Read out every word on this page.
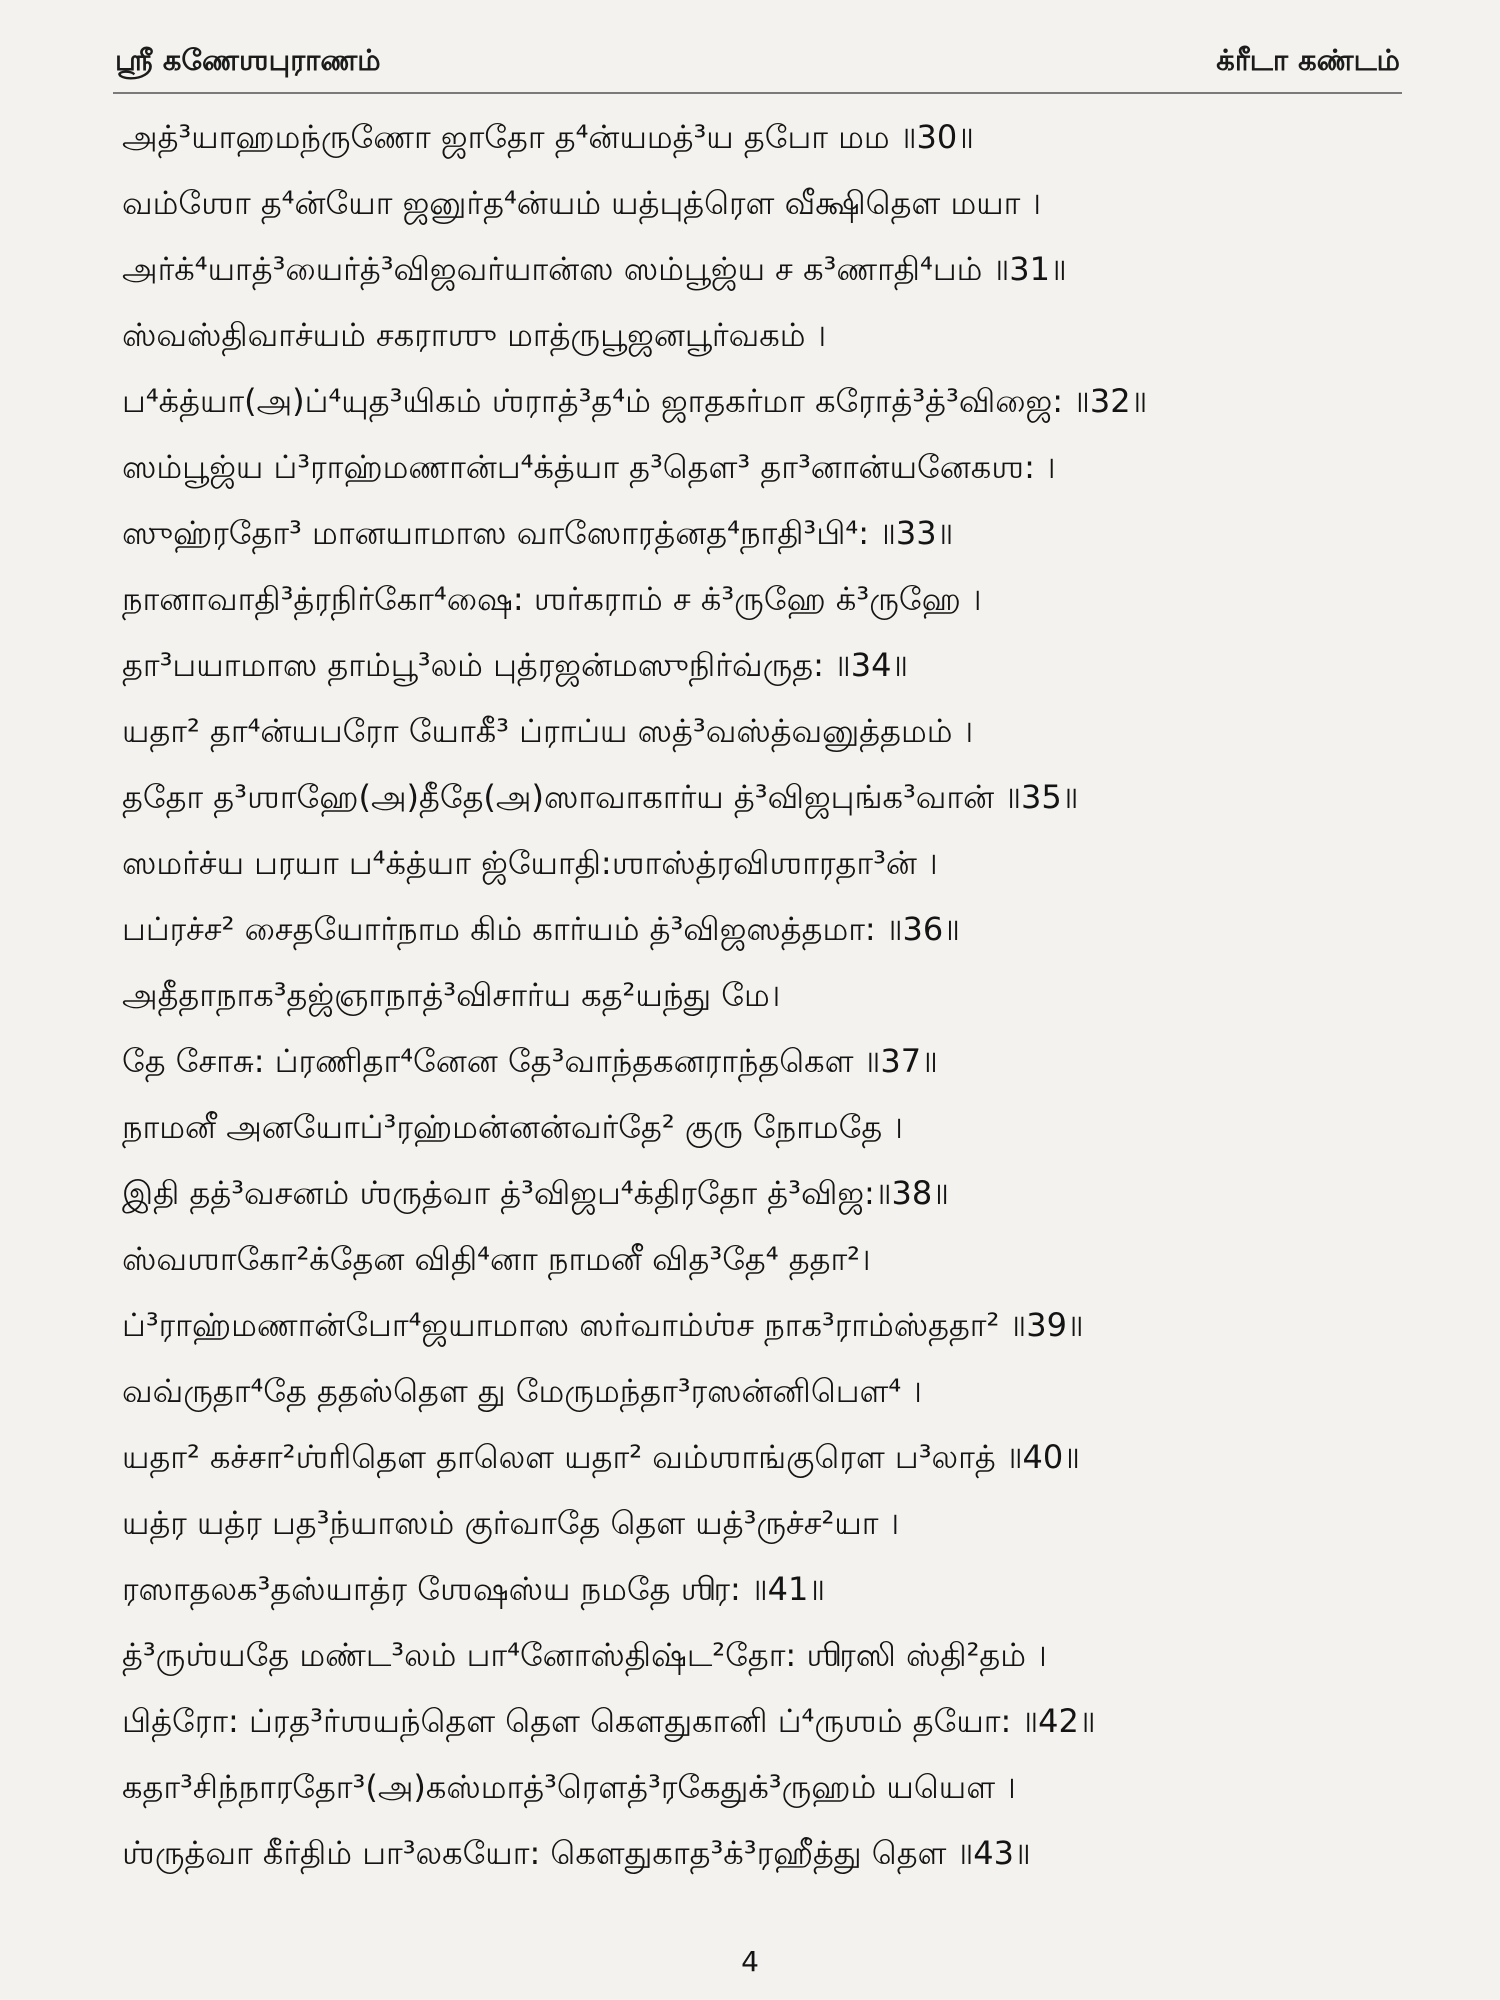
ஸ்ரீ கணேஶபுராணம்	க்ரீடா கண்டம்
அத்³யாஹமந்ருணோ ஜாதோ த⁴ன்யமத்³ய தபோ மம ॥30॥
வம்ஶோ த⁴ன்யோ ஜனுர்த⁴ன்யம் யத்புத்ரௌ வீக்ஷிதௌ மயா ।
அர்க்⁴யாத்³யைர்த்³விஜவர்யான்ஸ ஸம்பூஜ்ய ச க³ணாதி⁴பம் ॥31॥
ஸ்வஸ்திவாச்யம் சகராஶு மாத்ருபூஜனபூர்வகம் ।
ப⁴க்த்யா(அ)ப்⁴யுத³யிகம் ஶ்ராத்³த⁴ம் ஜாதகர்மா கரோத்³த்³விஜை: ॥32॥
ஸம்பூஜ்ய ப்³ராஹ்மணான்ப⁴க்த்யா த³தௌ³ தா³னான்யனேகஶ: ।
ஸுஹ்ரதோ³ மானயாமாஸ வாஸோரத்னத⁴நாதி³பி⁴: ॥33॥
நானாவாதி³த்ரநிர்கோ⁴ஷை: ஶர்கராம் ச க்³ருஹே க்³ருஹே ।
தா³பயாமாஸ தாம்பூ³லம் புத்ரஜன்மஸுநிர்வ்ருத: ॥34॥
யதா² தா⁴ன்யபரோ யோகீ³ ப்ராப்ய ஸத்³வஸ்த்வனுத்தமம் ।
ததோ த³ஶாஹே(அ)தீதே(அ)ஸாவாகார்ய த்³விஜபுங்க³வான் ॥35॥
ஸமர்ச்ய பரயா ப⁴க்த்யா ஜ்யோதி:ஶாஸ்த்ரவிஶாரதா³ன் ।
பப்ரச்ச² சைதயோர்நாம கிம் கார்யம் த்³விஜஸத்தமா: ॥36॥
அதீதாநாக³தஜ்ஞாநாத்³விசார்ய கத²யந்து மே।
தே சோசு: ப்ரணிதா⁴னேன தே³வாந்தகனராந்தகௌ ॥37॥
நாமனீ அனயோப்³ரஹ்மன்னன்வர்தே² குரு நோமதே ।
இதி தத்³வசனம் ஶ்ருத்வா த்³விஜப⁴க்திரதோ த்³விஜ:॥38॥
ஸ்வஶாகோ²க்தேன விதி⁴னா நாமனீ வித³தே⁴ ததா²।
ப்³ராஹ்மணான்போ⁴ஜயாமாஸ ஸர்வாம்ஶ்ச நாக³ராம்ஸ்ததா² ॥39॥
வவ்ருதா⁴தே ததஸ்தௌ து மேருமந்தா³ரஸன்னிபௌ⁴ ।
யதா² கச்சா²ஶ்ரிதௌ தாலௌ யதா² வம்ஶாங்குரௌ ப³லாத் ॥40॥
யத்ர யத்ர பத³ந்யாஸம் குர்வாதே தௌ யத்³ருச்ச²யா ।
ரஸாதலக³தஸ்யாத்ர ஶேஷஸ்ய நமதே ஶிர: ॥41॥
த்³ருஶ்யதே மண்ட³லம் பா⁴னோஸ்திஷ்ட²தோ: ஶிரஸி ஸ்தி²தம் ।
பித்ரோ: ப்ரத³ர்ஶயந்தௌ தௌ கௌதுகானி ப்⁴ருஶம் தயோ: ॥42॥
கதா³சிந்நாரதோ³(அ)கஸ்மாத்³ரௌத்³ரகேதுக்³ருஹம் யயௌ ।
ஶ்ருத்வா கீர்திம் பா³லகயோ: கௌதுகாத³க்³ரஹீத்து தௌ ॥43॥
4
